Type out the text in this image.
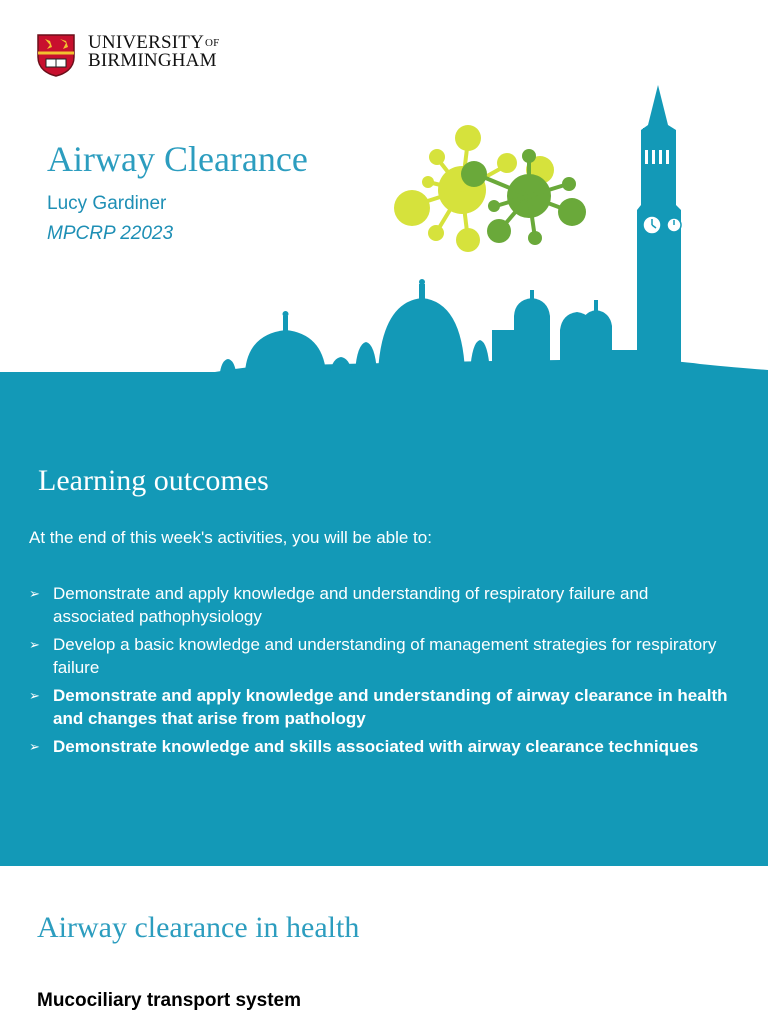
$UNIVERSITY^{OF}$
BIRMINGHAM
Airway Clearance
Lucy Gardiner
MPCRP 22023
Learning outcomes
At the end of this week's activities, you will be able to:
➢ Demonstrate and apply knowledge and understanding of respiratory failure and associated pathophysiology
➢ Develop a basic knowledge and understanding of management strategies for respiratory failure
➢ Demonstrate and apply knowledge and understanding of airway clearance in health and changes that arise from pathology
➢ Demonstrate knowledge and skills associated with airway clearance techniques
Airway clearance in health
Mucociliary transport system
